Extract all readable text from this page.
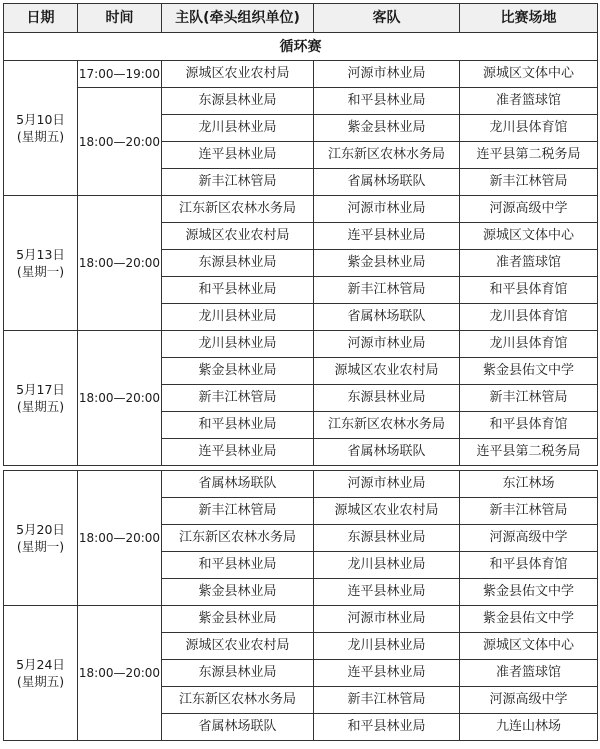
日期	时间	主队(牵头组织单位)	客队	比赛场地
循环赛				

5月10日
(星期五)	17:00—19:00	源城区农业农村局	河源市林业局	源城区文体中心
	18:00—20:00	东源县林业局	和平县林业局	准者篮球馆
		龙川县林业局	紫金县林业局	龙川县体育馆
		连平县林业局	江东新区农林水务局	连平县第二税务局
		新丰江林管局	省属林场联队	新丰江林管局

5月13日
(星期一)	18:00—20:00	江东新区农林水务局	河源市林业局	河源高级中学
		源城区农业农村局	连平县林业局	源城区文体中心
		东源县林业局	紫金县林业局	准者篮球馆
		和平县林业局	新丰江林管局	和平县体育馆
		龙川县林业局	省属林场联队	龙川县体育馆

5月17日
(星期五)	18:00—20:00	龙川县林业局	河源市林业局	龙川县体育馆
		紫金县林业局	源城区农业农村局	紫金县佑文中学
		新丰江林管局	东源县林业局	新丰江林管局
		和平县林业局	江东新区农林水务局	和平县体育馆
		连平县林业局	省属林场联队	连平县第二税务局

5月20日
(星期一)	18:00—20:00	省属林场联队	河源市林业局	东江林场
		新丰江林管局	源城区农业农村局	新丰江林管局
		江东新区农林水务局	东源县林业局	河源高级中学
		和平县林业局	龙川县林业局	和平县体育馆
		紫金县林业局	连平县林业局	紫金县佑文中学

5月24日
(星期五)	18:00—20:00	紫金县林业局	河源市林业局	紫金县佑文中学
		源城区农业农村局	龙川县林业局	源城区文体中心
		东源县林业局	连平县林业局	准者篮球馆
		江东新区农林水务局	新丰江林管局	河源高级中学
		省属林场联队	和平县林业局	九连山林场
